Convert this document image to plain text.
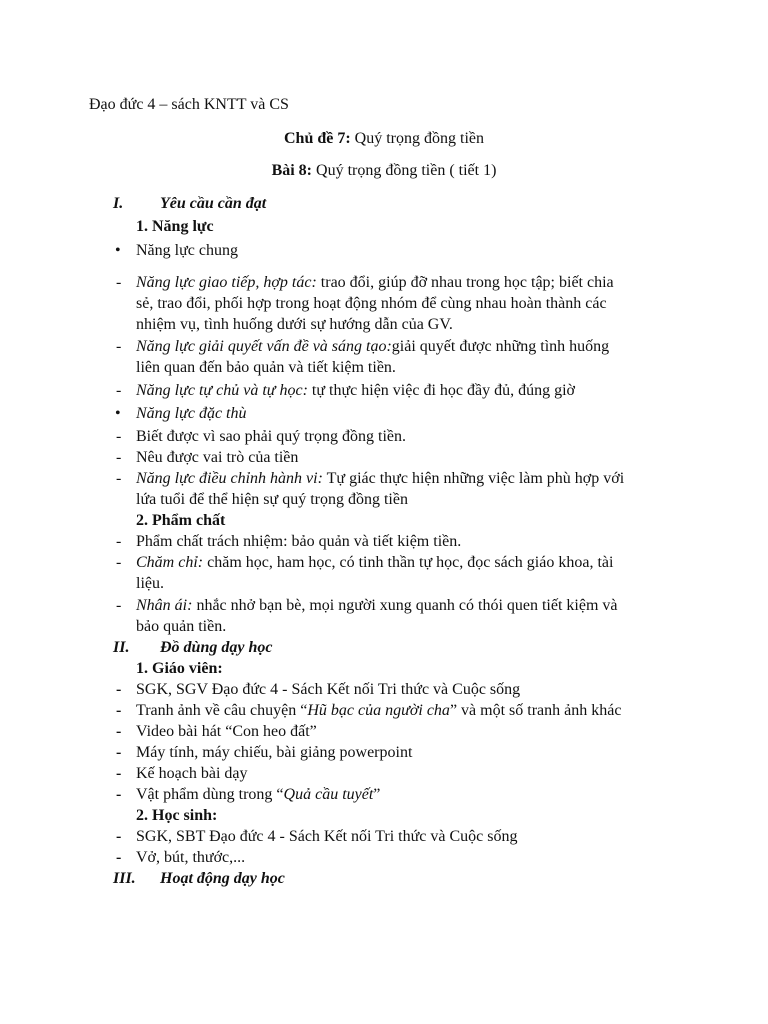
Đạo đức 4 – sách KNTT và CS
Chủ đề 7: Quý trọng đồng tiền
Bài 8: Quý trọng đồng tiền ( tiết 1)
I. Yêu cầu cần đạt
1. Năng lực
• Năng lực chung
- Năng lực giao tiếp, hợp tác: trao đổi, giúp đỡ nhau trong học tập; biết chia
sẻ, trao đổi, phối hợp trong hoạt động nhóm để cùng nhau hoàn thành các
nhiệm vụ, tình huống dưới sự hướng dẫn của GV.
- Năng lực giải quyết vấn đề và sáng tạo:giải quyết được những tình huống
liên quan đến bảo quản và tiết kiệm tiền.
- Năng lực tự chủ và tự học: tự thực hiện việc đi học đầy đủ, đúng giờ
• Năng lực đặc thù
- Biết được vì sao phải quý trọng đồng tiền.
- Nêu được vai trò của tiền
- Năng lực điều chỉnh hành vi: Tự giác thực hiện những việc làm phù hợp với
lứa tuổi để thể hiện sự quý trọng đồng tiền
2. Phẩm chất
- Phẩm chất trách nhiệm: bảo quản và tiết kiệm tiền.
- Chăm chỉ: chăm học, ham học, có tinh thần tự học, đọc sách giáo khoa, tài
liệu.
- Nhân ái: nhắc nhở bạn bè, mọi người xung quanh có thói quen tiết kiệm và
bảo quản tiền.
II. Đồ dùng dạy học
1. Giáo viên:
- SGK, SGV Đạo đức 4 - Sách Kết nối Tri thức và Cuộc sống
- Tranh ảnh về câu chuyện “Hũ bạc của người cha” và một số tranh ảnh khác
- Video bài hát “Con heo đất”
- Máy tính, máy chiếu, bài giảng powerpoint
- Kế hoạch bài dạy
- Vật phẩm dùng trong “Quả cầu tuyết”
2. Học sinh:
- SGK, SBT Đạo đức 4 - Sách Kết nối Tri thức và Cuộc sống
- Vở, bút, thước,...
III. Hoạt động dạy học
